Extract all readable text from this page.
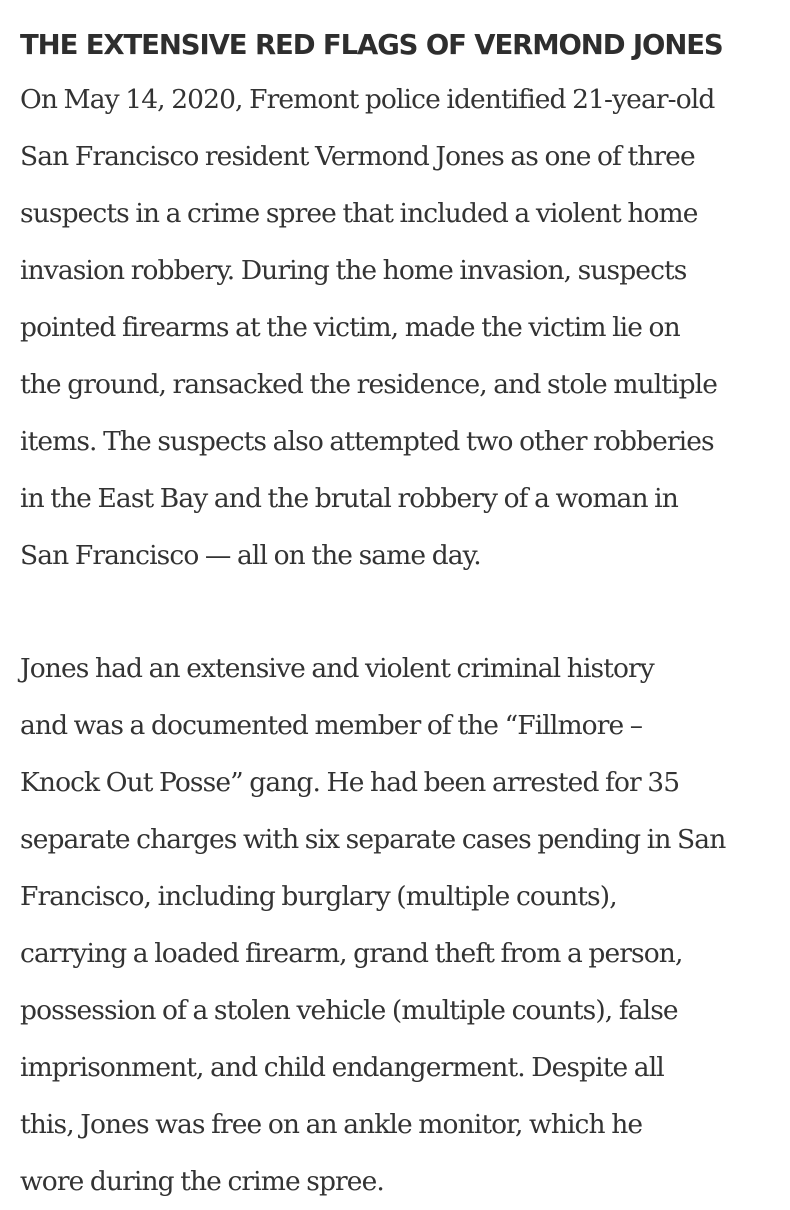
THE EXTENSIVE RED FLAGS OF VERMOND JONES
On May 14, 2020, Fremont police identified 21-year-old
San Francisco resident Vermond Jones as one of three
suspects in a crime spree that included a violent home
invasion robbery. During the home invasion, suspects
pointed firearms at the victim, made the victim lie on
the ground, ransacked the residence, and stole multiple
items. The suspects also attempted two other robberies
in the East Bay and the brutal robbery of a woman in
San Francisco — all on the same day.
Jones had an extensive and violent criminal history
and was a documented member of the “Fillmore –
Knock Out Posse” gang. He had been arrested for 35
separate charges with six separate cases pending in San
Francisco, including burglary (multiple counts),
carrying a loaded firearm, grand theft from a person,
possession of a stolen vehicle (multiple counts), false
imprisonment, and child endangerment. Despite all
this, Jones was free on an ankle monitor, which he
wore during the crime spree.
